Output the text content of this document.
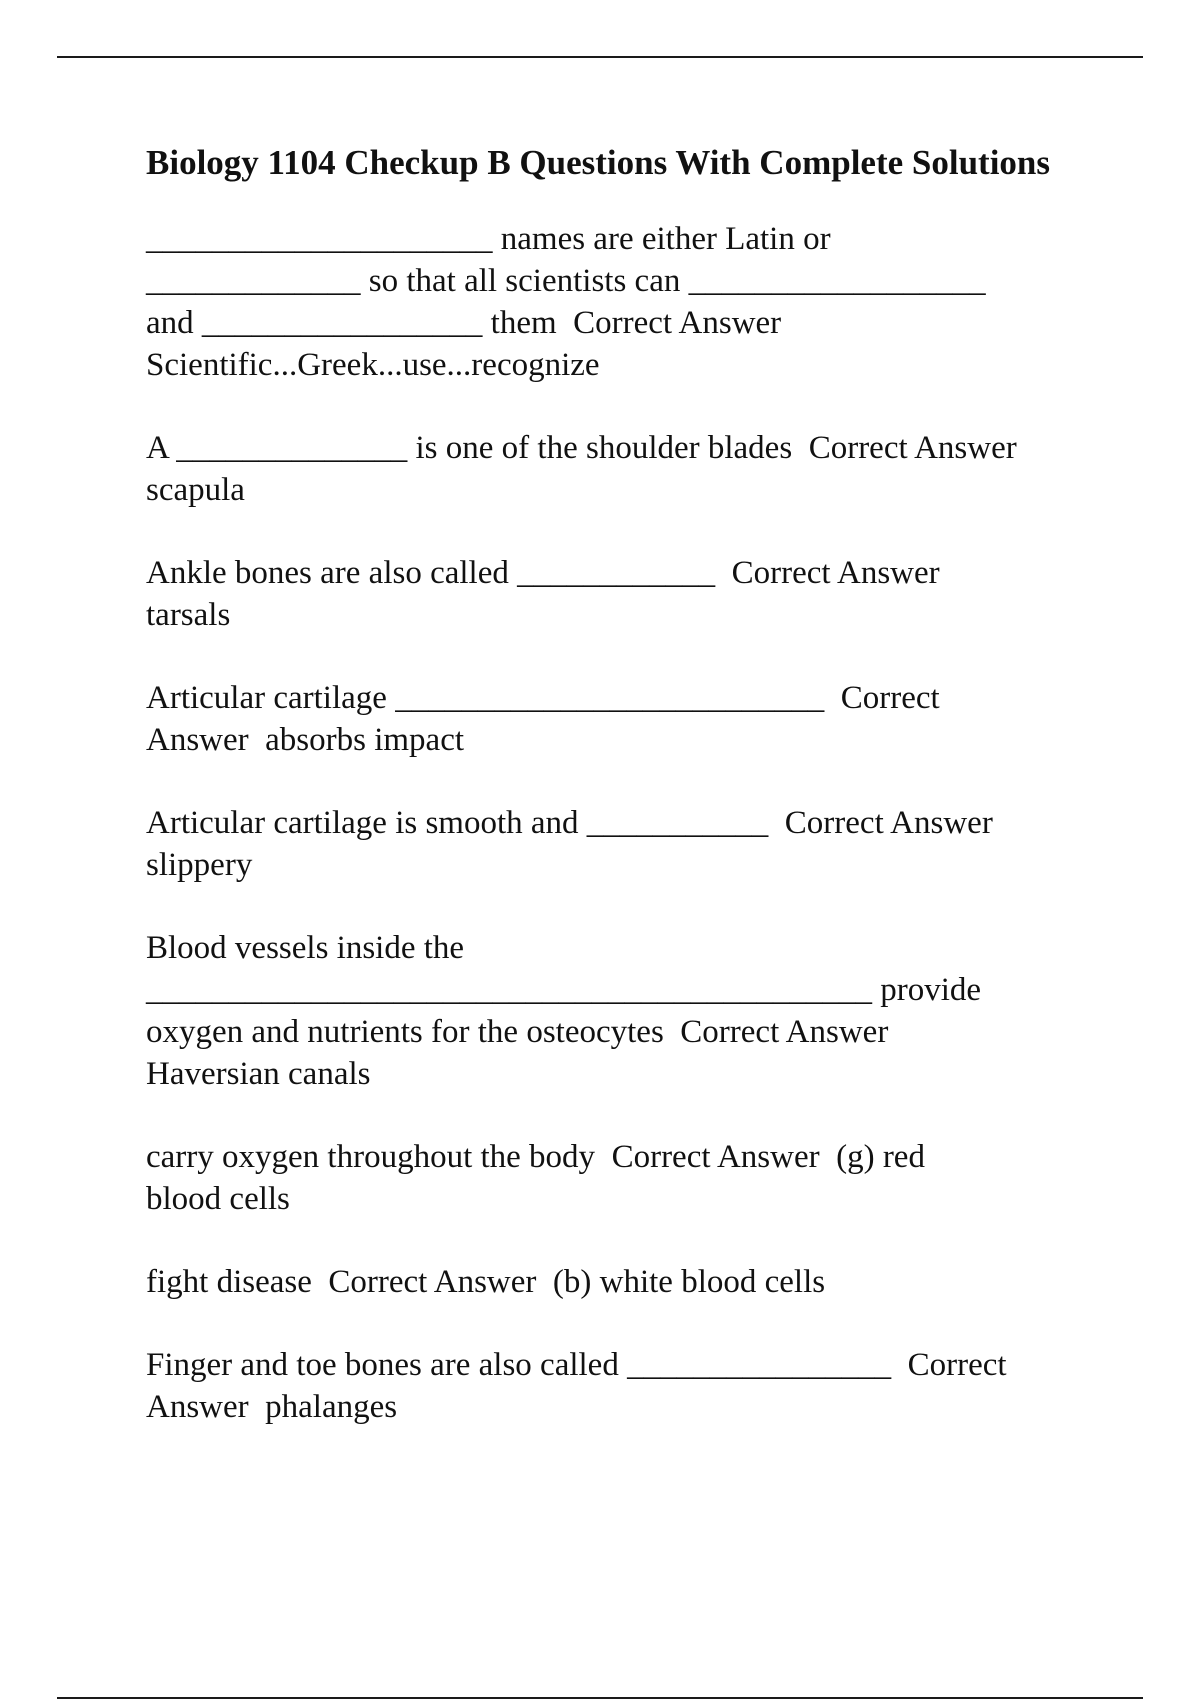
Biology 1104 Checkup B Questions With Complete Solutions
_____________________ names are either Latin or
_____________ so that all scientists can __________________
and _________________ them Correct Answer
Scientific...Greek...use...recognize
A ______________ is one of the shoulder blades Correct Answer
scapula
Ankle bones are also called ____________ Correct Answer
tarsals
Articular cartilage __________________________ Correct
Answer  absorbs impact
Articular cartilage is smooth and ___________ Correct Answer
slippery
Blood vessels inside the
____________________________________________ provide
oxygen and nutrients for the osteocytes Correct Answer
Haversian canals
carry oxygen throughout the body Correct Answer (g) red
blood cells
fight disease Correct Answer (b) white blood cells
Finger and toe bones are also called ________________ Correct
Answer  phalanges
